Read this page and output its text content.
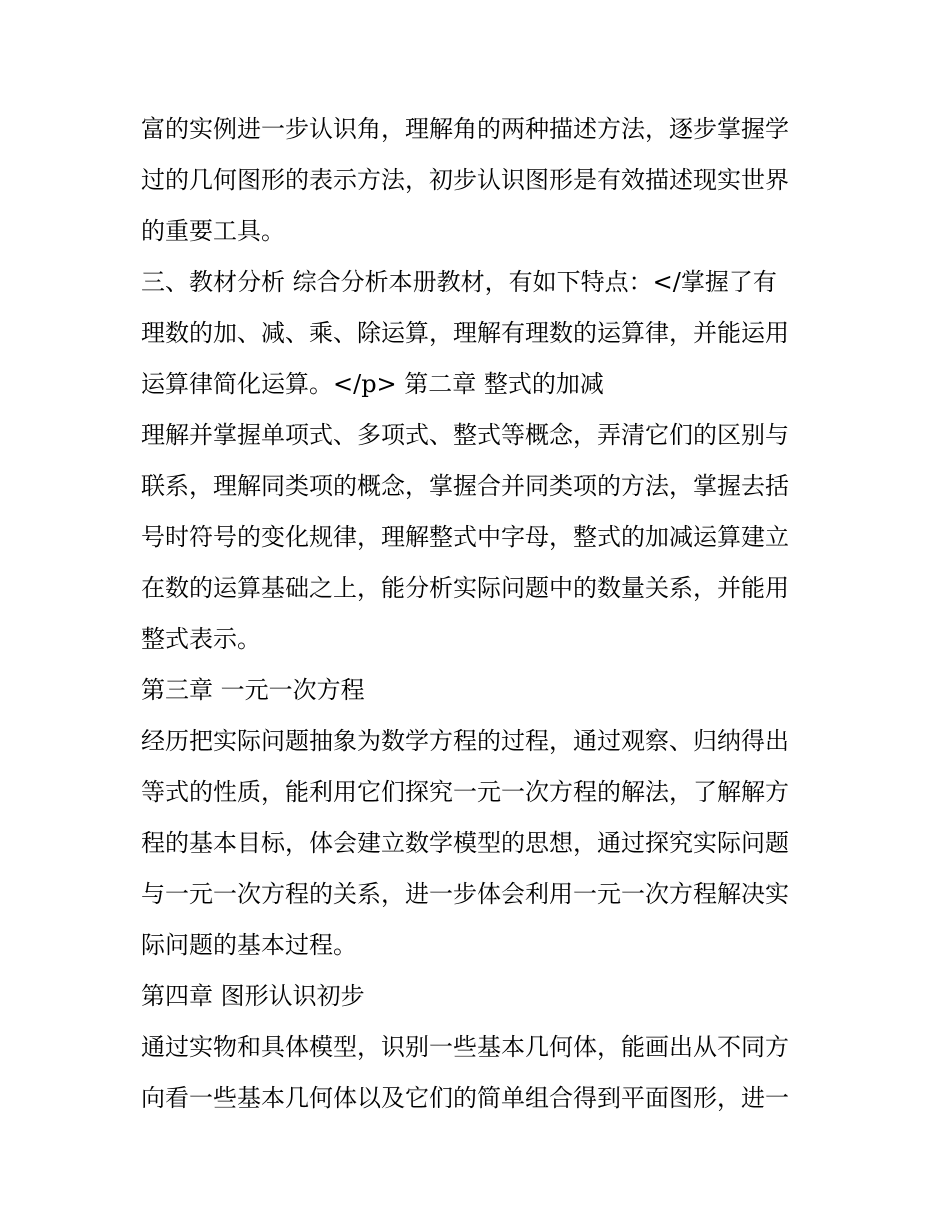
富的实例进一步认识角，理解角的两种描述方法，逐步掌握学
过的几何图形的表示方法，初步认识图形是有效描述现实世界
的重要工具。
三、教材分析 综合分析本册教材，有如下特点：</掌握了有
理数的加、减、乘、除运算，理解有理数的运算律，并能运用
运算律简化运算。</p> 第二章 整式的加减
理解并掌握单项式、多项式、整式等概念，弄清它们的区别与
联系，理解同类项的概念，掌握合并同类项的方法，掌握去括
号时符号的变化规律，理解整式中字母，整式的加减运算建立
在数的运算基础之上，能分析实际问题中的数量关系，并能用
整式表示。
第三章 一元一次方程
经历把实际问题抽象为数学方程的过程，通过观察、归纳得出
等式的性质，能利用它们探究一元一次方程的解法，了解解方
程的基本目标，体会建立数学模型的思想，通过探究实际问题
与一元一次方程的关系，进一步体会利用一元一次方程解决实
际问题的基本过程。
第四章 图形认识初步
通过实物和具体模型，识别一些基本几何体，能画出从不同方
向看一些基本几何体以及它们的简单组合得到平面图形，进一
